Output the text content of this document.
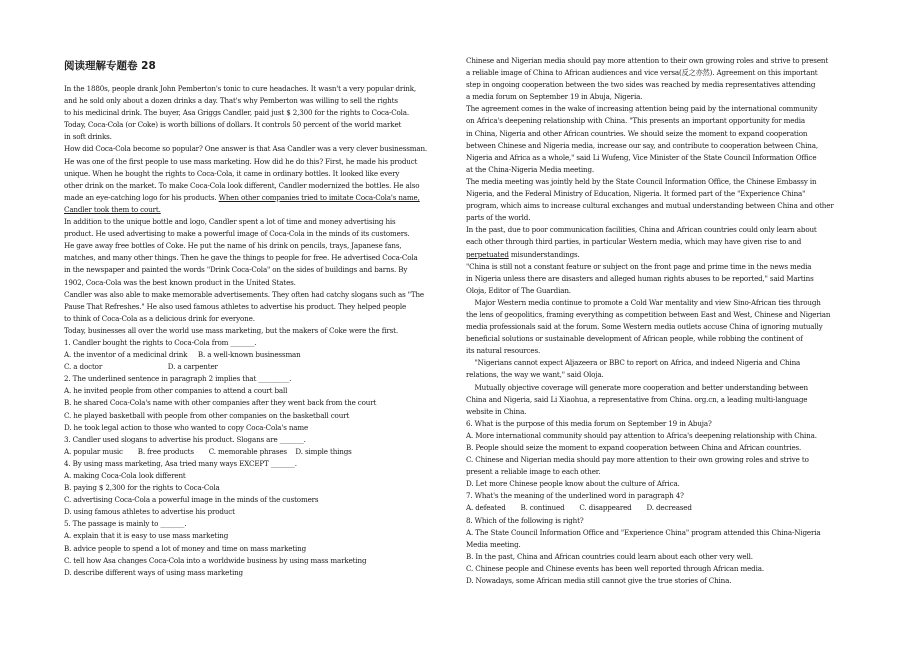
阅读理解专题卷 28
In the 1880s, people drank John Pemberton's tonic to cure headaches. It wasn't a very popular drink,
and he sold only about a dozen drinks a day. That's why Pemberton was willing to sell the rights
to his medicinal drink. The buyer, Asa Griggs Candler, paid just $ 2,300 for the rights to Coca-Cola.
Today, Coca-Cola (or Coke) is worth billions of dollars. It controls 50 percent of the world market
in soft drinks.
How did Coca-Cola become so popular? One answer is that Asa Candler was a very clever businessman.
He was one of the first people to use mass marketing. How did he do this? First, he made his product
unique. When he bought the rights to Coca-Cola, it came in ordinary bottles. It looked like every
other drink on the market. To make Coca-Cola look different, Candler modernized the bottles. He also
made an eye-catching logo for his products. When other companies tried to imitate Coca-Cola's name,
Candler took them to court.
In addition to the unique bottle and logo, Candler spent a lot of time and money advertising his
product. He used advertising to make a powerful image of Coca-Cola in the minds of its customers.
He gave away free bottles of Coke. He put the name of his drink on pencils, trays, Japanese fans,
matches, and many other things. Then he gave the things to people for free. He advertised Coca-Cola
in the newspaper and painted the words "Drink Coca-Cola" on the sides of buildings and barns. By
1902, Coca-Cola was the best known product in the United States.
Candler was also able to make memorable advertisements. They often had catchy slogans such as "The
Pause That Refreshes." He also used famous athletes to advertise his product. They helped people
to think of Coca-Cola as a delicious drink for everyone.
Today, businesses all over the world use mass marketing, but the makers of Coke were the first.
1. Candler bought the rights to Coca-Cola from _______.
A. the inventor of a medicinal drink     B. a well-known businessman
C. a doctor                               D. a carpenter
2. The underlined sentence in paragraph 2 implies that _________.
A. he invited people from other companies to attend a court ball
B. he shared Coca-Cola's name with other companies after they went back from the court
C. he played basketball with people from other companies on the basketball court
D. he took legal action to those who wanted to copy Coca-Cola's name
3. Candler used slogans to advertise his product. Slogans are _______.
A. popular music       B. free products       C. memorable phrases    D. simple things
4. By using mass marketing, Asa tried many ways EXCEPT _______.
A. making Coca-Cola look different
B. paying $ 2,300 for the rights to Coca-Cola
C. advertising Coca-Cola a powerful image in the minds of the customers
D. using famous athletes to advertise his product
5. The passage is mainly to _______.
A. explain that it is easy to use mass marketing
B. advice people to spend a lot of money and time on mass marketing
C. tell how Asa changes Coca-Cola into a worldwide business by using mass marketing
D. describe different ways of using mass marketing
Chinese and Nigerian media should pay more attention to their own growing roles and strive to present
a reliable image of China to African audiences and vice versa(反之亦然). Agreement on this important
step in ongoing cooperation between the two sides was reached by media representatives attending
a media forum on September 19 in Abuja, Nigeria.
The agreement comes in the wake of increasing attention being paid by the international community
on Africa's deepening relationship with China. "This presents an important opportunity for media
in China, Nigeria and other African countries. We should seize the moment to expand cooperation
between Chinese and Nigeria media, increase our say, and contribute to cooperation between China,
Nigeria and Africa as a whole," said Li Wufeng, Vice Minister of the State Council Information Office
at the China-Nigeria Media meeting.
The media meeting was jointly held by the State Council Information Office, the Chinese Embassy in
Nigeria, and the Federal Ministry of Education, Nigeria. It formed part of the "Experience China"
program, which aims to increase cultural exchanges and mutual understanding between China and other
parts of the world.
In the past, due to poor communication facilities, China and African countries could only learn about
each other through third parties, in particular Western media, which may have given rise to and
perpetuated misunderstandings.
"China is still not a constant feature or subject on the front page and prime time in the news media
in Nigeria unless there are disasters and alleged human rights abuses to be reported," said Martins
Oloja, Editor of The Guardian.
Major Western media continue to promote a Cold War mentality and view Sino-African ties through
the lens of geopolitics, framing everything as competition between East and West, Chinese and Nigerian
media professionals said at the forum. Some Western media outlets accuse China of ignoring mutually
beneficial solutions or sustainable development of African people, while robbing the continent of
its natural resources.
"Nigerians cannot expect Aljazeera or BBC to report on Africa, and indeed Nigeria and China
relations, the way we want," said Oloja.
Mutually objective coverage will generate more cooperation and better understanding between
China and Nigeria, said Li Xiaohua, a representative from China. org.cn, a leading multi-language
website in China.
6. What is the purpose of this media forum on September 19 in Abuja?
A. More international community should pay attention to Africa's deepening relationship with China.
B. People should seize the moment to expand cooperation between China and African countries.
C. Chinese and Nigerian media should pay more attention to their own growing roles and strive to
present a reliable image to each other.
D. Let more Chinese people know about the culture of Africa.
7. What's the meaning of the underlined word in paragraph 4?
A. defeated       B. continued       C. disappeared       D. decreased
8. Which of the following is right?
A. The State Council Information Office and "Experience China" program attended this China-Nigeria
Media meeting.
B. In the past, China and African countries could learn about each other very well.
C. Chinese people and Chinese events has been well reported through African media.
D. Nowadays, some African media still cannot give the true stories of China.
